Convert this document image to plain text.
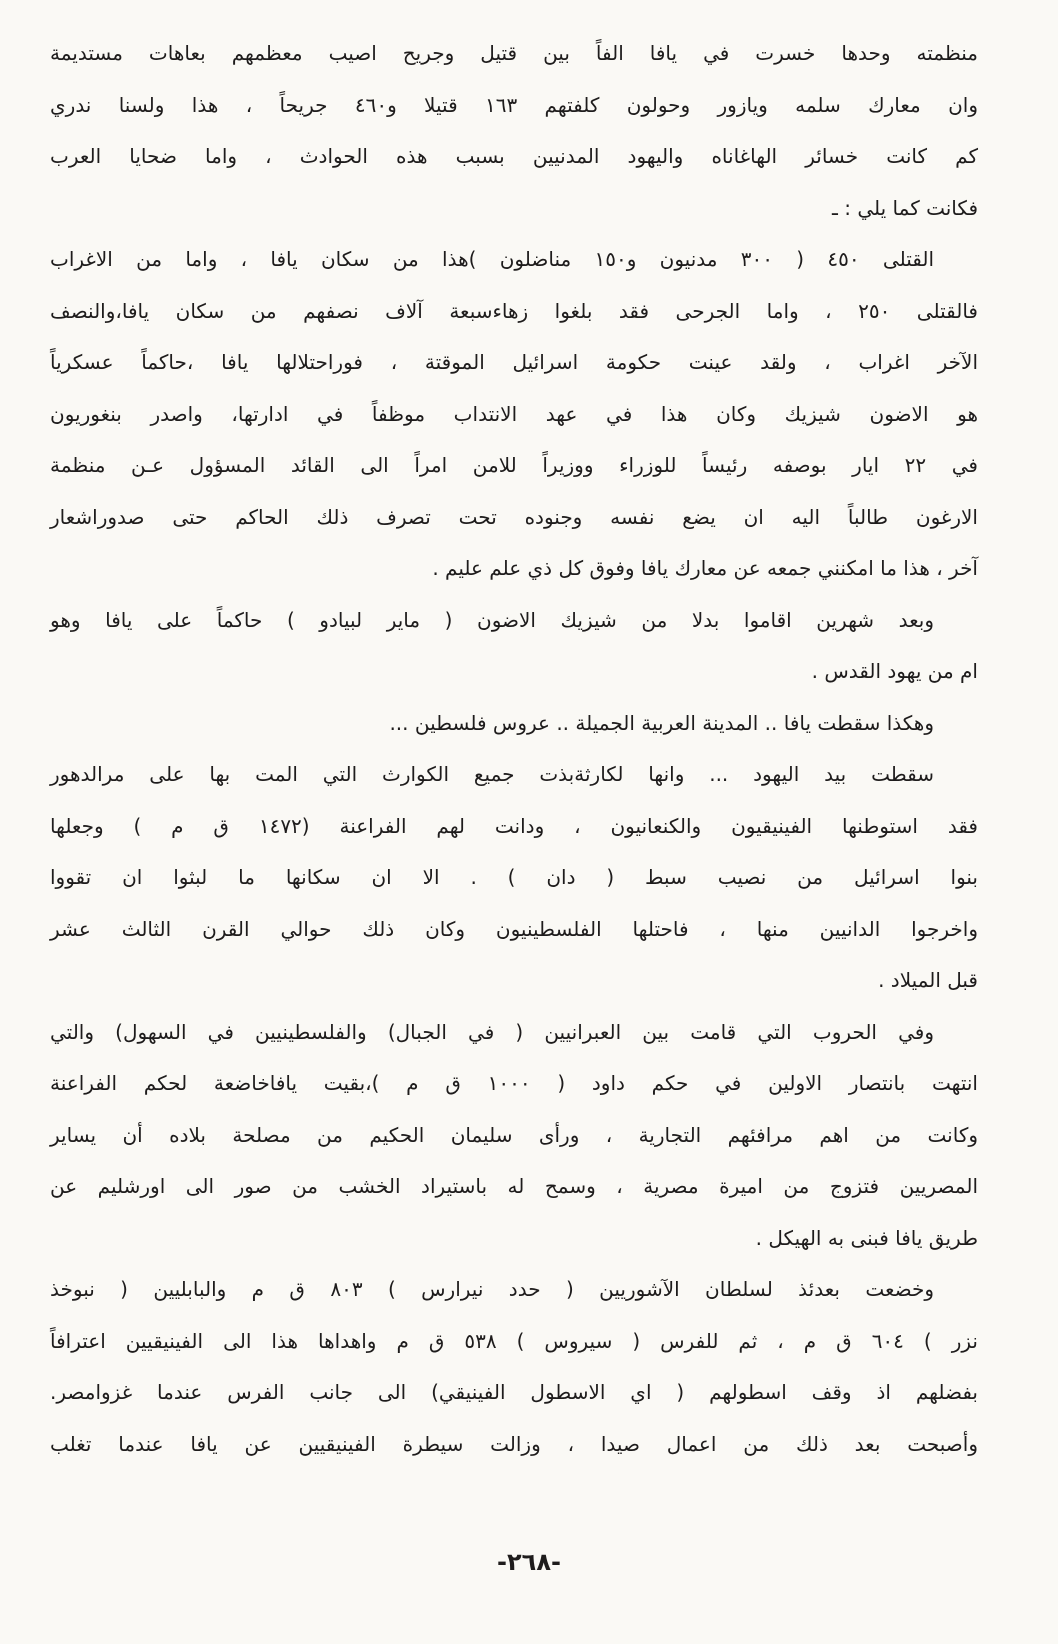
منظمته وحدها خسرت في يافا الفاً بين قتيل وجريح اصيب معظمهم بعاهات مستديمة
وان معارك سلمه ويازور وحولون كلفتهم ١٦٣ قتيلا و٤٦٠ جريحاً ، هذا ولسنا ندري
كم كانت خسائر الهاغاناه واليهود المدنيين بسبب هذه الحوادث ، واما ضحايا العرب
فكانت كما يلي : ـ
القتلى ٤٥٠ ( ٣٠٠ مدنيون و١٥٠ مناضلون )هذا من سكان يافا ، واما من الاغراب
فالقتلى ٢٥٠ ، واما الجرحى فقد بلغوا زهاءسبعة آلاف نصفهم من سكان يافا،والنصف
الآخر اغراب ، ولقد عينت حكومة اسرائيل الموقتة ، فوراحتلالها يافا ،حاكماً عسكرياً
هو الاضون شيزيك وكان هذا في عهد الانتداب موظفاً في ادارتها، واصدر بنغوريون
في ٢٢ ايار بوصفه رئيساً للوزراء ووزيراً للامن امراً الى القائد المسؤول عـن منظمة
الارغون طالباً اليه ان يضع نفسه وجنوده تحت تصرف ذلك الحاكم حتى صدوراشعار
آخر ، هذا ما امكنني جمعه عن معارك يافا وفوق كل ذي علم عليم .
وبعد شهرين اقاموا بدلا من شيزيك الاضون ( ماير لبيادو ) حاكماً على يافا وهو
ام من يهود القدس .
وهكذا سقطت يافا .. المدينة العربية الجميلة .. عروس فلسطين ...
سقطت بيد اليهود ... وانها لكارثةبذت جميع الكوارث التي المت بها على مرالدهور
فقد استوطنها الفينيقيون والكنعانيون ، ودانت لهم الفراعنة (١٤٧٢ ق م ) وجعلها
بنوا اسرائيل من نصيب سبط ( دان ) . الا ان سكانها ما لبثوا ان تقووا
واخرجوا الدانيين منها ، فاحتلها الفلسطينيون وكان ذلك حوالي القرن الثالث عشر
قبل الميلاد .
وفي الحروب التي قامت بين العبرانيين ( في الجبال) والفلسطينيين في السهول) والتي
انتهت بانتصار الاولين في حكم داود ( ١٠٠٠ ق م )،بقيت يافاخاضعة لحكم الفراعنة
وكانت من اهم مرافئهم التجارية ، ورأى سليمان الحكيم من مصلحة بلاده أن يساير
المصريين فتزوج من اميرة مصرية ، وسمح له باستيراد الخشب من صور الى اورشليم عن
طريق يافا فبنى به الهيكل .
وخضعت بعدئذ لسلطان الآشوريين ( حدد نيرارس ) ٨٠٣ ق م والبابليين ( نبوخذ
نزر ) ٦٠٤ ق م ، ثم للفرس ( سيروس ) ٥٣٨ ق م واهداها هذا الى الفينيقيين اعترافاً
بفضلهم اذ وقف اسطولهم ( اي الاسطول الفينيقي) الى جانب الفرس عندما غزوامصر.
وأصبحت بعد ذلك من اعمال صيدا ، وزالت سيطرة الفينيقيين عن يافا عندما تغلب
-٢٦٨-
